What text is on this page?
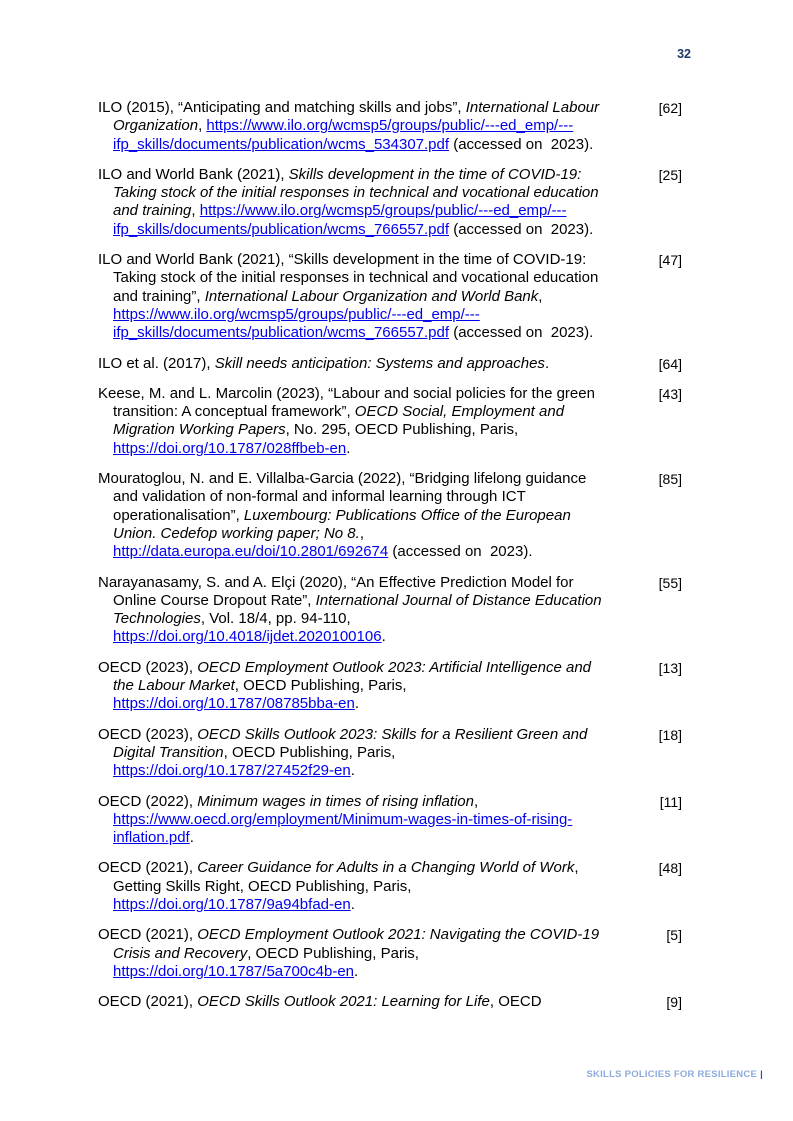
32
ILO (2015), “Anticipating and matching skills and jobs”, International Labour
Organization, https://www.ilo.org/wcmsp5/groups/public/---ed_emp/---
ifp_skills/documents/publication/wcms_534307.pdf (accessed on  2023).
[62]
ILO and World Bank (2021), Skills development in the time of COVID-19:
Taking stock of the initial responses in technical and vocational education
and training, https://www.ilo.org/wcmsp5/groups/public/---ed_emp/---
ifp_skills/documents/publication/wcms_766557.pdf (accessed on  2023).
[25]
ILO and World Bank (2021), “Skills development in the time of COVID-19:
Taking stock of the initial responses in technical and vocational education
and training”, International Labour Organization and World Bank,
https://www.ilo.org/wcmsp5/groups/public/---ed_emp/---
ifp_skills/documents/publication/wcms_766557.pdf (accessed on  2023).
[47]
ILO et al. (2017), Skill needs anticipation: Systems and approaches.	[64]
Keese, M. and L. Marcolin (2023), “Labour and social policies for the green
transition: A conceptual framework”, OECD Social, Employment and
Migration Working Papers, No. 295, OECD Publishing, Paris,
https://doi.org/10.1787/028ffbeb-en.
[43]
Mouratoglou, N. and E. Villalba-Garcia (2022), “Bridging lifelong guidance
and validation of non-formal and informal learning through ICT
operationalisation”, Luxembourg: Publications Office of the European
Union. Cedefop working paper; No 8.,
http://data.europa.eu/doi/10.2801/692674 (accessed on  2023).
[85]
Narayanasamy, S. and A. Elçi (2020), “An Effective Prediction Model for
Online Course Dropout Rate”, International Journal of Distance Education
Technologies, Vol. 18/4, pp. 94-110,
https://doi.org/10.4018/ijdet.2020100106.
[55]
OECD (2023), OECD Employment Outlook 2023: Artificial Intelligence and
the Labour Market, OECD Publishing, Paris,
https://doi.org/10.1787/08785bba-en.
[13]
OECD (2023), OECD Skills Outlook 2023: Skills for a Resilient Green and
Digital Transition, OECD Publishing, Paris,
https://doi.org/10.1787/27452f29-en.
[18]
OECD (2022), Minimum wages in times of rising inflation,
https://www.oecd.org/employment/Minimum-wages-in-times-of-rising-
inflation.pdf.
[11]
OECD (2021), Career Guidance for Adults in a Changing World of Work,
Getting Skills Right, OECD Publishing, Paris,
https://doi.org/10.1787/9a94bfad-en.
[48]
OECD (2021), OECD Employment Outlook 2021: Navigating the COVID-19
Crisis and Recovery, OECD Publishing, Paris,
https://doi.org/10.1787/5a700c4b-en.
[5]
OECD (2021), OECD Skills Outlook 2021: Learning for Life, OECD	[9]
SKILLS POLICIES FOR RESILIENCE |
